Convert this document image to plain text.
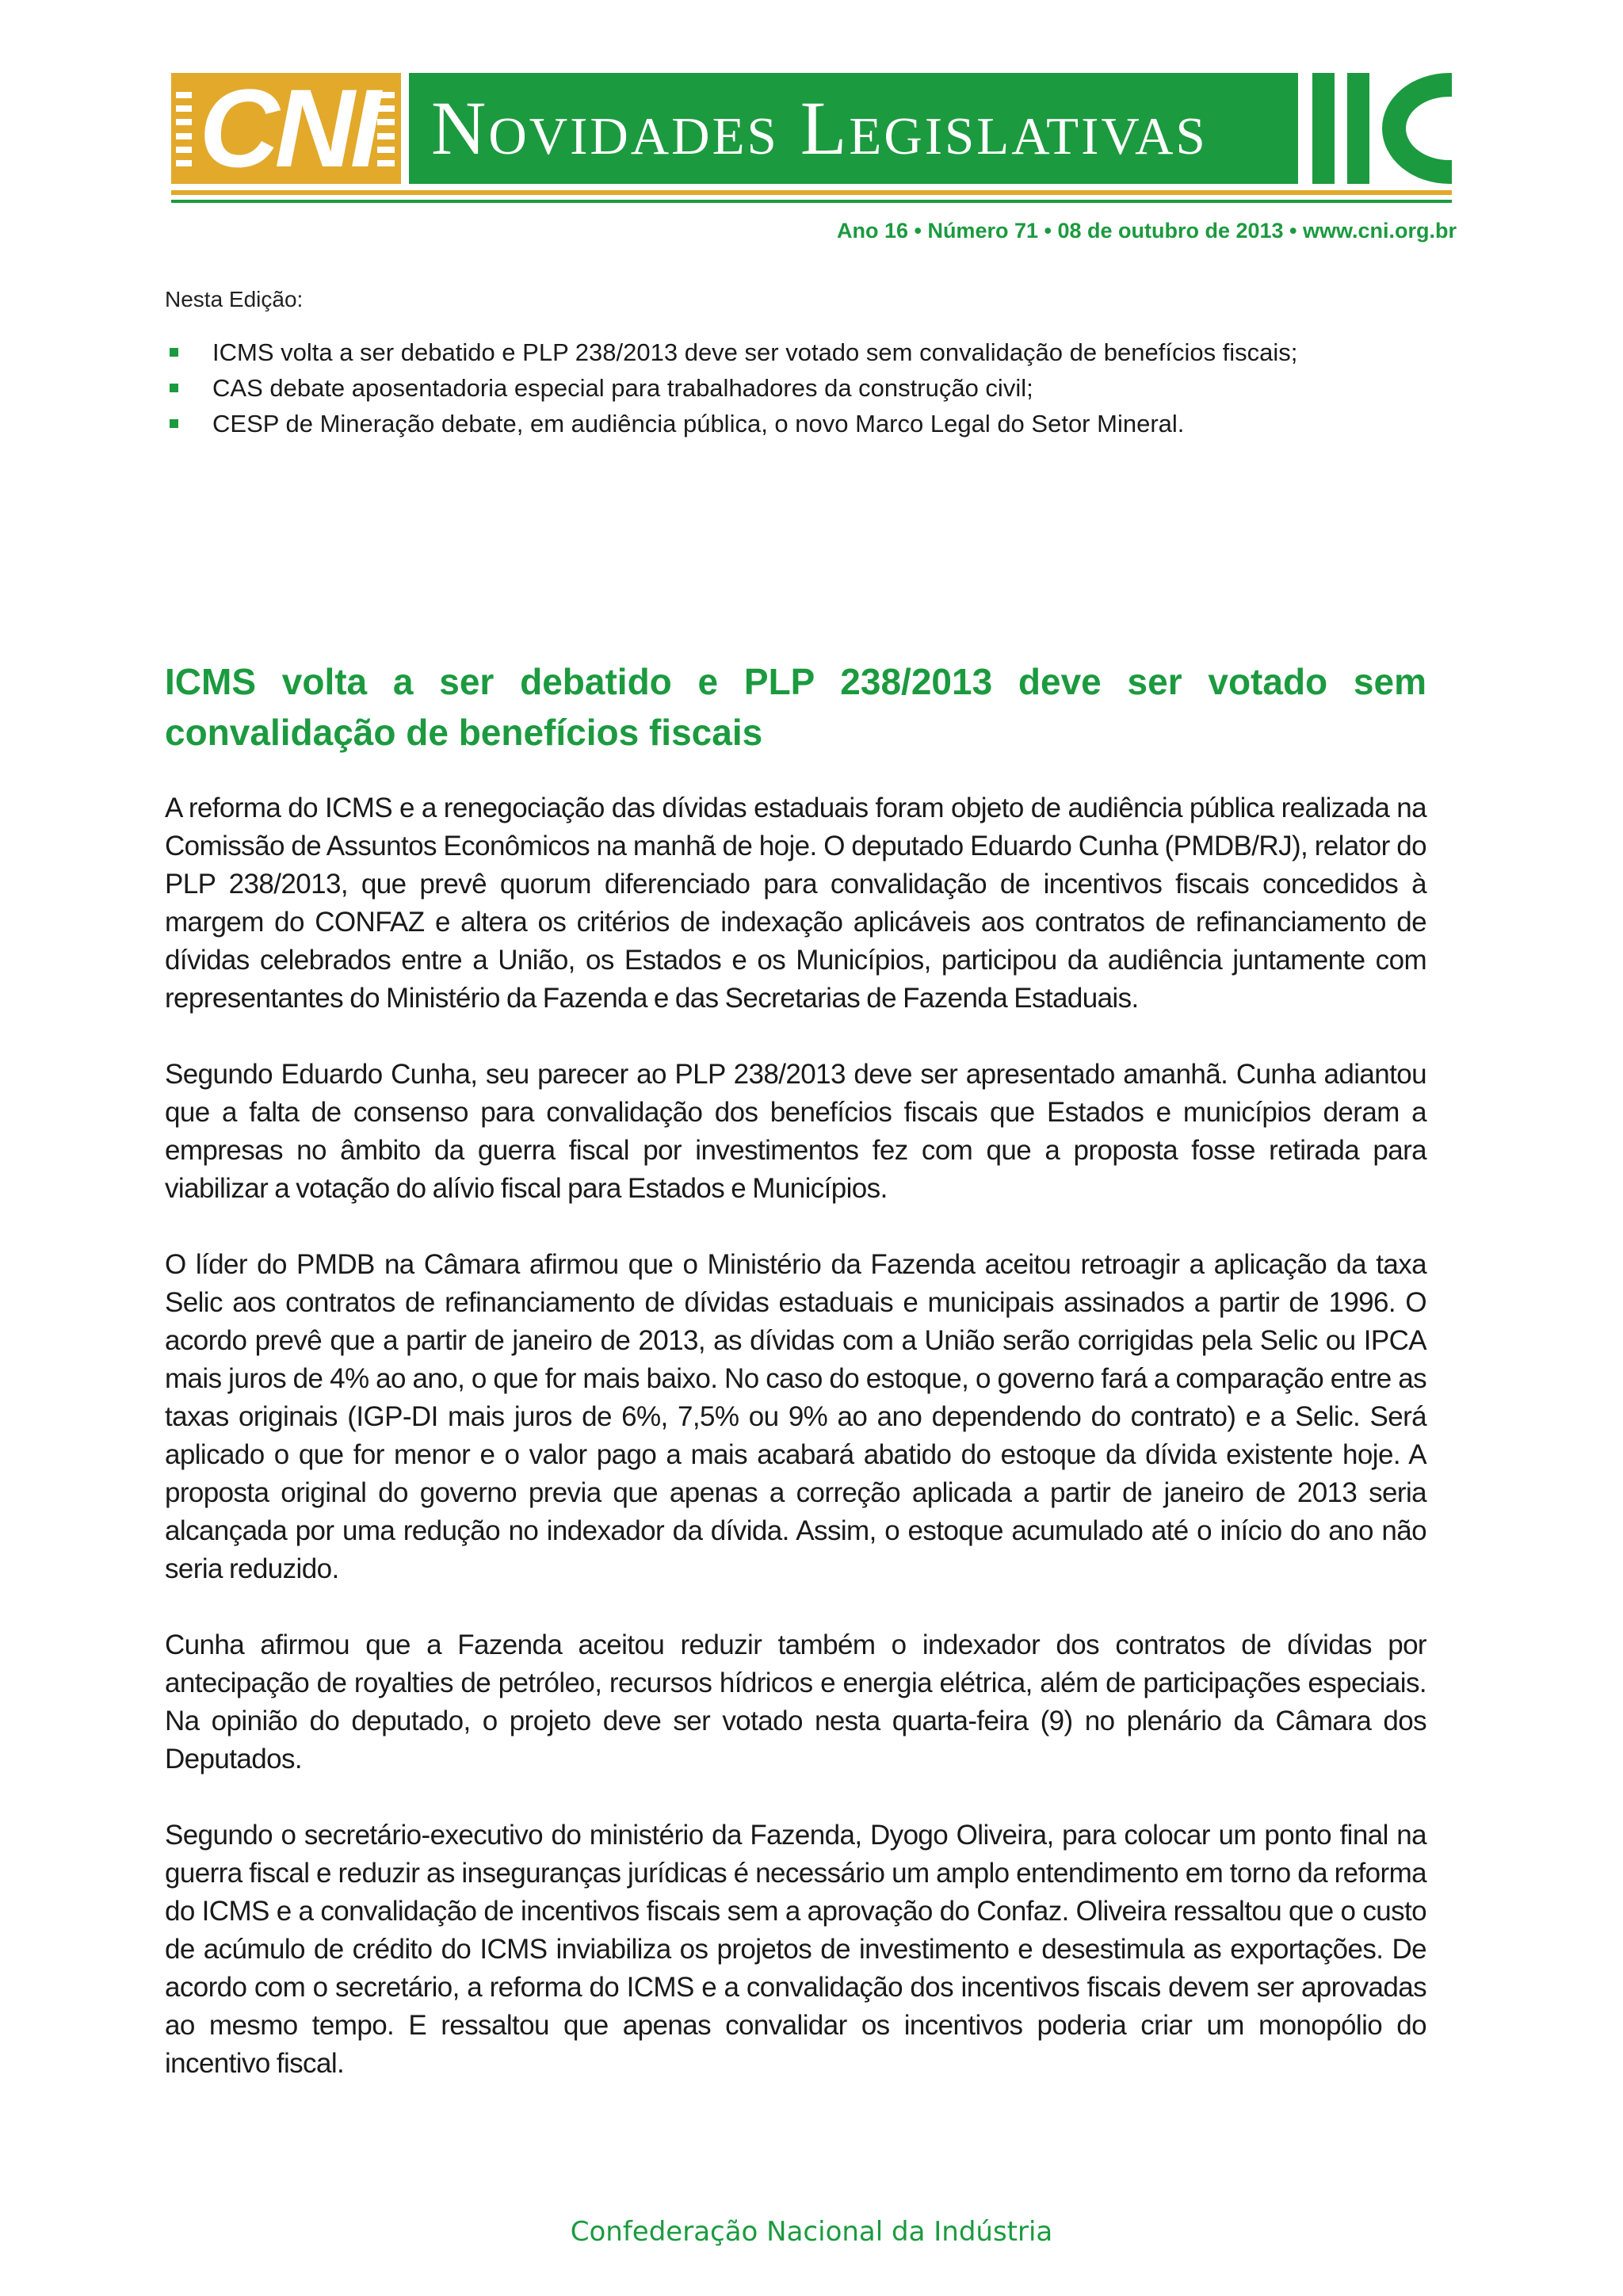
CNI Novidades Legislativas
Ano 16 • Número 71 • 08 de outubro de 2013 • www.cni.org.br

Nesta Edição:

ICMS volta a ser debatido e PLP 238/2013 deve ser votado sem convalidação de benefícios fiscais;
CAS debate aposentadoria especial para trabalhadores da construção civil;
CESP de Mineração debate, em audiência pública, o novo Marco Legal do Setor Mineral.
ICMS volta a ser debatido e PLP 238/2013 deve ser votado sem convalidação de benefícios fiscais

A reforma do ICMS e a renegociação das dívidas estaduais foram objeto de audiência pública realizada na Comissão de Assuntos Econômicos na manhã de hoje. O deputado Eduardo Cunha (PMDB/RJ), relator do PLP 238/2013, que prevê quorum diferenciado para convalidação de incentivos fiscais concedidos à margem do CONFAZ e altera os critérios de indexação aplicáveis aos contratos de refinanciamento de dívidas celebrados entre a União, os Estados e os Municípios, participou da audiência juntamente com representantes do Ministério da Fazenda e das Secretarias de Fazenda Estaduais.

Segundo Eduardo Cunha, seu parecer ao PLP 238/2013 deve ser apresentado amanhã. Cunha adiantou que a falta de consenso para convalidação dos benefícios fiscais que Estados e municípios deram a empresas no âmbito da guerra fiscal por investimentos fez com que a proposta fosse retirada para viabilizar a votação do alívio fiscal para Estados e Municípios.

O líder do PMDB na Câmara afirmou que o Ministério da Fazenda aceitou retroagir a aplicação da taxa Selic aos contratos de refinanciamento de dívidas estaduais e municipais assinados a partir de 1996. O acordo prevê que a partir de janeiro de 2013, as dívidas com a União serão corrigidas pela Selic ou IPCA mais juros de 4% ao ano, o que for mais baixo. No caso do estoque, o governo fará a comparação entre as taxas originais (IGP-DI mais juros de 6%, 7,5% ou 9% ao ano dependendo do contrato) e a Selic. Será aplicado o que for menor e o valor pago a mais acabará abatido do estoque da dívida existente hoje. A proposta original do governo previa que apenas a correção aplicada a partir de janeiro de 2013 seria alcançada por uma redução no indexador da dívida. Assim, o estoque acumulado até o início do ano não seria reduzido.

Cunha afirmou que a Fazenda aceitou reduzir também o indexador dos contratos de dívidas por antecipação de royalties de petróleo, recursos hídricos e energia elétrica, além de participações especiais. Na opinião do deputado, o projeto deve ser votado nesta quarta-feira (9) no plenário da Câmara dos Deputados.

Segundo o secretário-executivo do ministério da Fazenda, Dyogo Oliveira, para colocar um ponto final na guerra fiscal e reduzir as inseguranças jurídicas é necessário um amplo entendimento em torno da reforma do ICMS e a convalidação de incentivos fiscais sem a aprovação do Confaz. Oliveira ressaltou que o custo de acúmulo de crédito do ICMS inviabiliza os projetos de investimento e desestimula as exportações. De acordo com o secretário, a reforma do ICMS e a convalidação dos incentivos fiscais devem ser aprovadas ao mesmo tempo. E ressaltou que apenas convalidar os incentivos poderia criar um monopólio do incentivo fiscal.

Confederação Nacional da Indústria
